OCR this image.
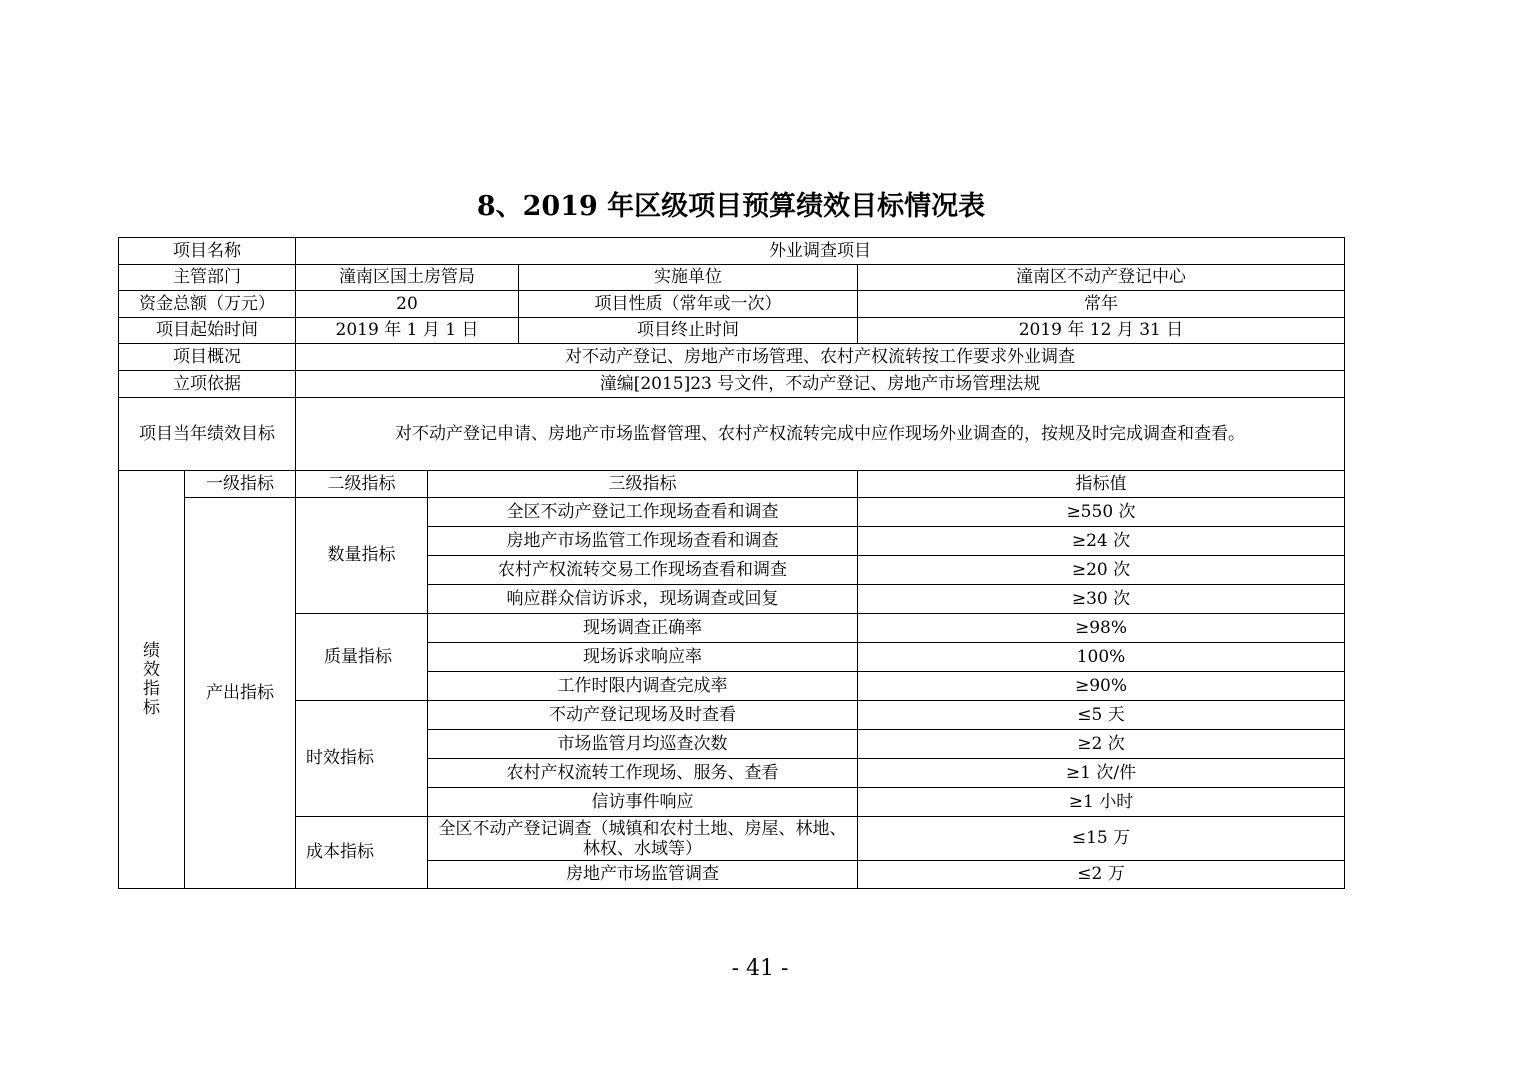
8、2019 年区级项目预算绩效目标情况表
项目名称		外业调查项目			
主管部门		潼南区国土房管局		实施单位	潼南区不动产登记中心
资金总额（万元）		20		项目性质（常年或一次）	常年
项目起始时间		2019 年 1 月 1 日		项目终止时间	2019 年 12 月 31 日
项目概况		对不动产登记、房地产市场管理、农村产权流转按工作要求外业调查			
立项依据		潼编[2015]23 号文件，不动产登记、房地产市场管理法规			
项目当年绩效目标		对不动产登记申请、房地产市场监督管理、农村产权流转完成中应作现场外业调查的，按规及时完成调查和查看。			
绩效指标	一级指标	二级指标	三级指标		指标值
	产出指标	数量指标	全区不动产登记工作现场查看和调查		≥550 次
			房地产市场监管工作现场查看和调查		≥24 次
			农村产权流转交易工作现场查看和调查		≥20 次
			响应群众信访诉求，现场调查或回复		≥30 次
		质量指标	现场调查正确率		≥98%
			现场诉求响应率		100%
			工作时限内调查完成率		≥90%
		时效指标	不动产登记现场及时查看		≤5 天
			市场监管月均巡查次数		≥2 次
			农村产权流转工作现场、服务、查看		≥1 次/件
			信访事件响应		≥1 小时
		成本指标	全区不动产登记调查（城镇和农村土地、房屋、林地、林权、水域等）		≤15 万
			房地产市场监管调查		≤2 万
- 41 -
